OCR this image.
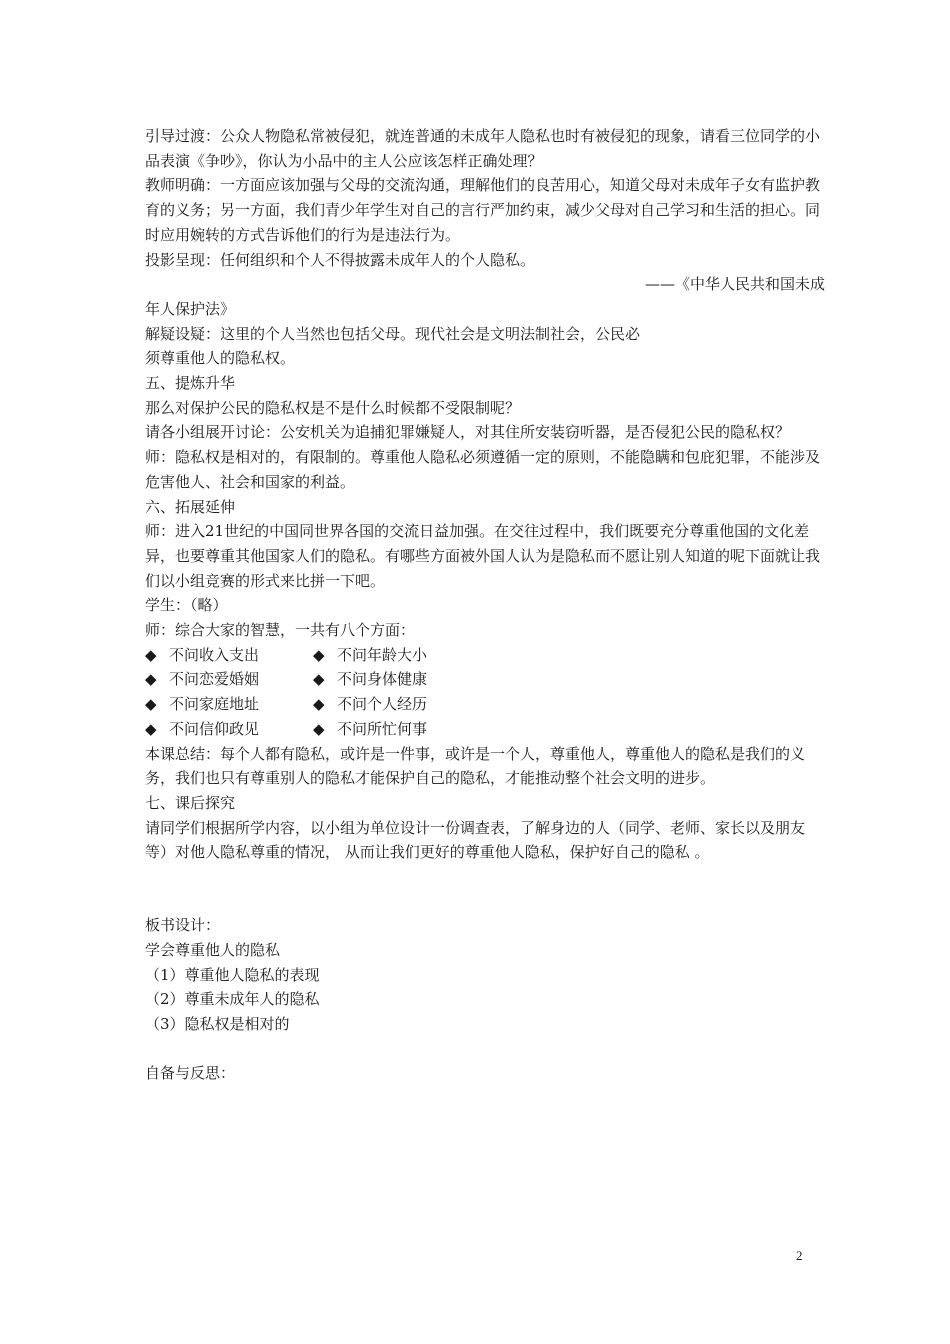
引导过渡：公众人物隐私常被侵犯，就连普通的未成年人隐私也时有被侵犯的现象，请看三位同学的小品表演《争吵》，你认为小品中的主人公应该怎样正确处理？

教师明确：一方面应该加强与父母的交流沟通，理解他们的良苦用心，知道父母对未成年子女有监护教育的义务；另一方面，我们青少年学生对自己的言行严加约束，减少父母对自己学习和生活的担心。同时应用婉转的方式告诉他们的行为是违法行为。

投影呈现：任何组织和个人不得披露未成年人的个人隐私。

——《中华人民共和国未成

年人保护法》

解疑设疑：这里的个人当然也包括父母。现代社会是文明法制社会，公民必

须尊重他人的隐私权。

五、提炼升华

那么对保护公民的隐私权是不是什么时候都不受限制呢？

请各小组展开讨论：公安机关为追捕犯罪嫌疑人，对其住所安装窃听器，是否侵犯公民的隐私权？

师：隐私权是相对的，有限制的。尊重他人隐私必须遵循一定的原则，不能隐瞒和包庇犯罪，不能涉及危害他人、社会和国家的利益。

六、拓展延伸

师：进入21世纪的中国同世界各国的交流日益加强。在交往过程中，我们既要充分尊重他国的文化差异，也要尊重其他国家人们的隐私。有哪些方面被外国人认为是隐私而不愿让别人知道的呢下面就让我们以小组竞赛的形式来比拼一下吧。

学生：（略）

师：综合大家的智慧，一共有八个方面：

◆ 不问收入支出	◆ 不问年龄大小
◆ 不问恋爱婚姻	◆ 不问身体健康
◆ 不问家庭地址	◆ 不问个人经历
◆ 不问信仰政见	◆ 不问所忙何事

本课总结：每个人都有隐私，或许是一件事，或许是一个人，尊重他人，尊重他人的隐私是我们的义务，我们也只有尊重别人的隐私才能保护自己的隐私，才能推动整个社会文明的进步。

七、课后探究

请同学们根据所学内容，以小组为单位设计一份调查表，了解身边的人（同学、老师、家长以及朋友等）对他人隐私尊重的情况， 从而让我们更好的尊重他人隐私，保护好自己的隐私 。

板书设计：

学会尊重他人的隐私

（1）尊重他人隐私的表现

（2）尊重未成年人的隐私

（3）隐私权是相对的

自备与反思：

2
